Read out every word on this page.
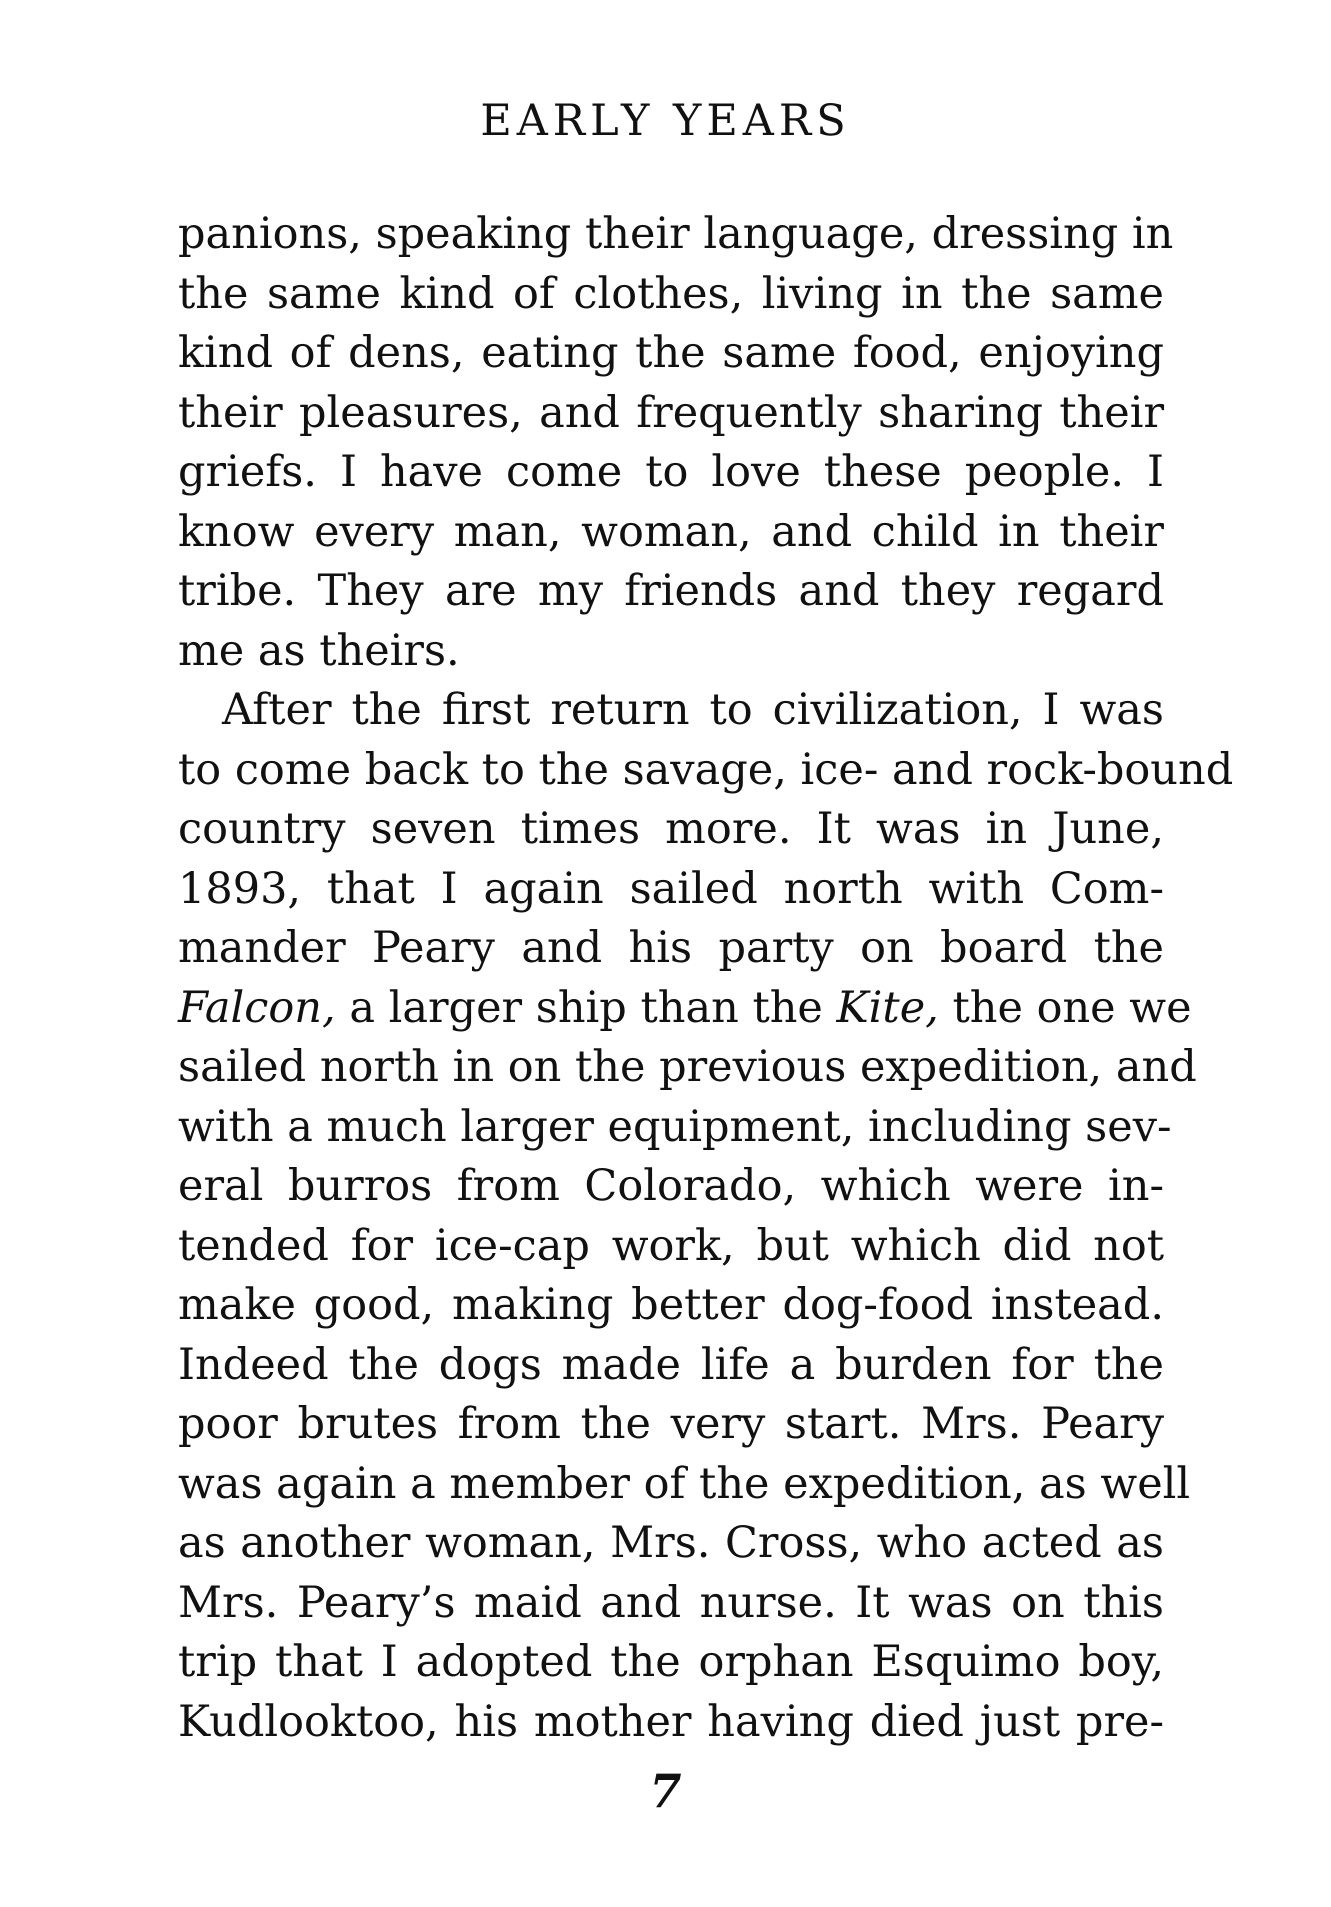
EARLY YEARS
panions, speaking their language, dressing in
the same kind of clothes, living in the same
kind of dens, eating the same food, enjoying
their pleasures, and frequently sharing their
griefs. I have come to love these people. I
know every man, woman, and child in their
tribe. They are my friends and they regard
me as theirs.
After the first return to civilization, I was
to come back to the savage, ice- and rock-bound
country seven times more. It was in June,
1893, that I again sailed north with Com-
mander Peary and his party on board the
Falcon, a larger ship than the Kite, the one we
sailed north in on the previous expedition, and
with a much larger equipment, including sev-
eral burros from Colorado, which were in-
tended for ice-cap work, but which did not
make good, making better dog-food instead.
Indeed the dogs made life a burden for the
poor brutes from the very start. Mrs. Peary
was again a member of the expedition, as well
as another woman, Mrs. Cross, who acted as
Mrs. Peary’s maid and nurse. It was on this
trip that I adopted the orphan Esquimo boy,
Kudlooktoo, his mother having died just pre-
7
